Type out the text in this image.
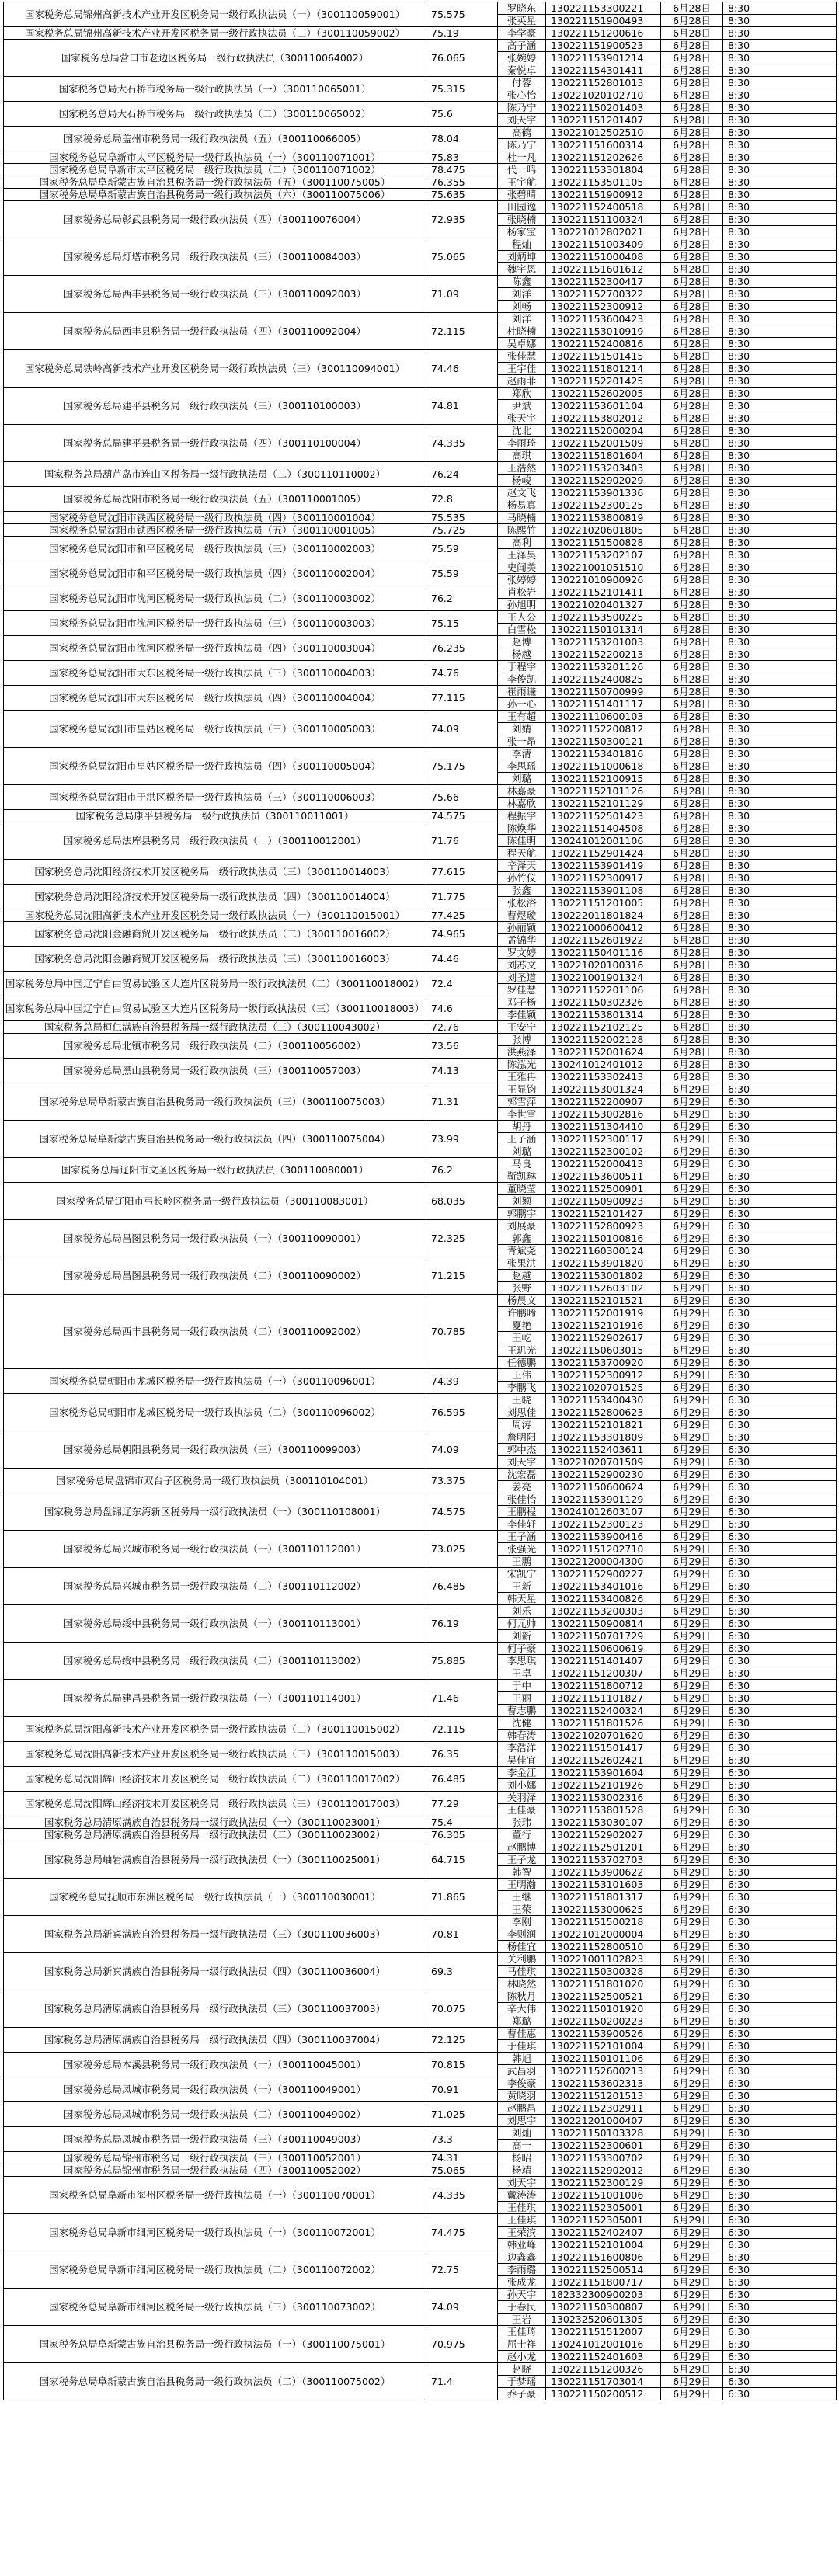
国家税务总局锦州高新技术产业开发区税务局一级行政执法员（一）（300110059001）	75.575	罗晓东	130221153300221	6月28日	8:30
		张英星	130221151900493	6月28日	8:30
国家税务总局锦州高新技术产业开发区税务局一级行政执法员（二）（300110059002）	75.19	李学豪	130221151200616	6月28日	8:30
国家税务总局营口市老边区税务局一级行政执法员（300110064002）	76.065	高子涵	130221151900523	6月28日	8:30
		张婉婷	130221153901214	6月28日	8:30
		秦悦卓	130221154301411	6月28日	8:30
国家税务总局大石桥市税务局一级行政执法员（一）（300110065001）	75.315	付蓉	130221152801013	6月28日	8:30
		张心怡	130221020102710	6月28日	8:30
国家税务总局大石桥市税务局一级行政执法员（二）（300110065002）	75.6	陈乃宁	130221150201403	6月28日	8:30
		刘天宇	130221151201407	6月28日	8:30
国家税务总局盖州市税务局一级行政执法员（五）（300110066005）	78.04	高鹤	130221012502510	6月28日	8:30
		陈乃宁	130221151600314	6月28日	8:30
国家税务总局阜新市太平区税务局一级行政执法员（一）（300110071001）	75.83	杜一凡	130221151202626	6月28日	8:30
国家税务总局阜新市太平区税务局一级行政执法员（二）（300110071002）	78.475	代一鸣	130221153301804	6月28日	8:30
国家税务总局阜新蒙古族自治县税务局一级行政执法员（五）（300110075005）	76.355	王宇航	130221153501105	6月28日	8:30
国家税务总局阜新蒙古族自治县税务局一级行政执法员（六）（300110075006）	75.635	张碧晴	130221151900912	6月28日	8:30
国家税务总局彰武县税务局一级行政执法员（四）（300110076004）	72.935	田园逸	130221152400518	6月28日	8:30
		张晓楠	130221151100324	6月28日	8:30
		杨家宝	130221012802021	6月28日	8:30
国家税务总局灯塔市税务局一级行政执法员（三）（300110084003）	75.065	程灿	130221151003409	6月28日	8:30
		刘炳坤	130221151000408	6月28日	8:30
		魏宇恩	130221151601612	6月28日	8:30
国家税务总局西丰县税务局一级行政执法员（三）（300110092003）	71.09	陈鑫	130221152300417	6月28日	8:30
		刘洋	130221152700322	6月28日	8:30
		刘畅	130221152300912	6月28日	8:30
国家税务总局西丰县税务局一级行政执法员（四）（300110092004）	72.115	刘洋	130221153600423	6月28日	8:30
		杜晓楠	130221153010919	6月28日	8:30
		吴卓娜	130221152400816	6月28日	8:30
国家税务总局铁岭高新技术产业开发区税务局一级行政执法员（三）（300110094001）	74.46	张佳慧	130221151501415	6月28日	8:30
		王宇佳	130221151801214	6月28日	8:30
		赵雨菲	130221152201425	6月28日	8:30
国家税务总局建平县税务局一级行政执法员（三）（300110100003）	74.81	郑欣	130221152602005	6月28日	8:30
		尹斌	130221153601104	6月28日	8:30
		张天宇	130221153802012	6月28日	8:30
国家税务总局建平县税务局一级行政执法员（四）（300110100004）	74.335	沈北	130221152000204	6月28日	8:30
		李雨琦	130221152001509	6月28日	8:30
		高琪	130221151801604	6月28日	8:30
国家税务总局葫芦岛市连山区税务局一级行政执法员（二）（300110110002）	76.24	王浩然	130221153203403	6月28日	8:30
		杨峻	130221152902029	6月28日	8:30
国家税务总局沈阳市税务局一级行政执法员（五）（300110001005）	72.8	赵文飞	130221153901336	6月28日	8:30
		杨易真	130221152300125	6月28日	8:30
国家税务总局沈阳市铁西区税务局一级行政执法员（四）（300110001004）	75.535	马晓楠	130221153800819	6月28日	8:30
国家税务总局沈阳市铁西区税务局一级行政执法员（五）（300110001005）	75.725	陈熙竹	130221020601805	6月28日	8:30
国家税务总局沈阳市和平区税务局一级行政执法员（三）（300110002003）	75.59	高利	130221151500828	6月28日	8:30
		王泽昊	130221153202107	6月28日	8:30
国家税务总局沈阳市和平区税务局一级行政执法员（四）（300110002004）	75.59	史闻美	130221001051510	6月28日	8:30
		张婷婷	130221010900926	6月28日	8:30
国家税务总局沈阳市沈河区税务局一级行政执法员（二）（300110003002）	76.2	肖松岩	130221152101411	6月28日	8:30
		孙旭明	130221020401327	6月28日	8:30
国家税务总局沈阳市沈河区税务局一级行政执法员（三）（300110003003）	75.15	王人公	130221153500225	6月28日	8:30
		白雪松	130221150101314	6月28日	8:30
国家税务总局沈阳市沈河区税务局一级行政执法员（四）（300110003004）	76.235	赵博	130221153201003	6月28日	8:30
		杨越	130221152200213	6月28日	8:30
国家税务总局沈阳市大东区税务局一级行政执法员（三）（300110004003）	74.76	于程宇	130221153201126	6月28日	8:30
		李俊凯	130221152400825	6月28日	8:30
国家税务总局沈阳市大东区税务局一级行政执法员（四）（300110004004）	77.115	崔雨谦	130221150700999	6月28日	8:30
		孙一心	130221151401117	6月28日	8:30
国家税务总局沈阳市皇姑区税务局一级行政执法员（三）（300110005003）	74.09	王有超	130221110600103	6月28日	8:30
		刘婧	130221152200812	6月28日	8:30
		张一昂	130221150300121	6月28日	8:30
国家税务总局沈阳市皇姑区税务局一级行政执法员（四）（300110005004）	75.175	李清	130221153401816	6月28日	8:30
		李思瑶	130221151000618	6月28日	8:30
		刘璐	130221152100915	6月28日	8:30
国家税务总局沈阳市于洪区税务局一级行政执法员（三）（300110006003）	75.66	林嘉豪	130221152101126	6月28日	8:30
		林嘉欣	130221152101129	6月28日	8:30
国家税务总局康平县税务局一级行政执法员（300110011001）	74.575	程振宇	130221152501423	6月28日	8:30
国家税务总局法库县税务局一级行政执法员（一）（300110012001）	71.76	陈焕华	130221151404508	6月28日	8:30
		陈佳明	130241012001106	6月28日	8:30
		程天航	130221152901424	6月28日	8:30
国家税务总局沈阳经济技术开发区税务局一级行政执法员（三）（300110014003）	77.615	辛泽天	130221153901419	6月28日	8:30
		孙竹仪	130221152300917	6月28日	8:30
国家税务总局沈阳经济技术开发区税务局一级行政执法员（四）（300110014004）	71.775	张鑫	130221153901108	6月28日	8:30
		张松浴	130221151201005	6月28日	8:30
国家税务总局沈阳高新技术产业开发区税务局一级行政执法员（一）（300110015001）	77.425	曹煜璇	130222011801824	6月28日	8:30
国家税务总局沈阳金融商贸开发区税务局一级行政执法员（二）（300110016002）	74.965	孙丽颖	130221000600412	6月28日	8:30
		孟锦华	130221152601922	6月28日	8:30
国家税务总局沈阳金融商贸开发区税务局一级行政执法员（三）（300110016003）	74.46	罗文婷	130221150401116	6月28日	8:30
		刘苏文	130221020100316	6月28日	8:30
国家税务总局中国辽宁自由贸易试验区大连片区税务局一级行政执法员（二）（300110018002）	72.4	刘圣道	130221001901324	6月28日	8:30
		罗佳慧	130221152201106	6月28日	8:30
国家税务总局中国辽宁自由贸易试验区大连片区税务局一级行政执法员（三）（300110018003）	74.6	邓子杨	130221150302326	6月28日	8:30
		李佳颖	130221153801314	6月28日	8:30
国家税务总局桓仁满族自治县税务局一级行政执法员（三）（300110043002）	72.76	王安宁	130221152102125	6月28日	8:30
国家税务总局北镇市税务局一级行政执法员（二）（300110056002）	73.56	张博	130221152002128	6月28日	8:30
		洪燕泽	130221152001624	6月28日	8:30
国家税务总局黑山县税务局一级行政执法员（三）（300110057003）	74.13	陈泓光	130241012401012	6月28日	8:30
		王雅冉	130221153302413	6月28日	8:30
国家税务总局阜新蒙古族自治县税务局一级行政执法员（三）（300110075003）	71.31	王显钧	130221153001324	6月29日	6:30
		郭雪萍	130221152200907	6月29日	6:30
		李世雪	130221153002816	6月29日	6:30
国家税务总局阜新蒙古族自治县税务局一级行政执法员（四）（300110075004）	73.99	胡丹	130221151304410	6月29日	6:30
		王子涵	130221152300117	6月29日	6:30
		刘璐	130221152300102	6月29日	6:30
国家税务总局辽阳市文圣区税务局一级行政执法员（300110080001）	76.2	马良	130221152000413	6月29日	6:30
		靳凯琳	130221153600511	6月29日	6:30
国家税务总局辽阳市弓长岭区税务局一级行政执法员（300110083001）	68.035	董晓莹	130221152500901	6月29日	6:30
		刘颖	130221150900923	6月29日	6:30
		郭鹏宇	130221152101427	6月29日	6:30
国家税务总局昌图县税务局一级行政执法员（一）（300110090001）	72.325	刘展豪	130221152800923	6月29日	6:30
		郭鑫	130221150100816	6月29日	6:30
		青斌尧	130221160300124	6月29日	6:30
国家税务总局昌图县税务局一级行政执法员（二）（300110090002）	71.215	张果洪	130221153901820	6月29日	6:30
		赵越	130221153001802	6月29日	6:30
		张野	130221152603102	6月29日	6:30
国家税务总局西丰县税务局一级行政执法员（二）（300110092002）	70.785	杨晨文	130221152101521	6月29日	6:30
		许鹏晞	130221152001919	6月29日	6:30
		夏艳	130221152101916	6月29日	6:30
		王屹	130221152902617	6月29日	6:30
		王玑光	130221150603015	6月29日	6:30
		任德鹏	130221153700920	6月29日	6:30
国家税务总局朝阳市龙城区税务局一级行政执法员（一）（300110096001）	74.39	王伟	130221152300912	6月29日	6:30
		李鹏飞	130221020701525	6月29日	6:30
国家税务总局朝阳市龙城区税务局一级行政执法员（二）（300110096002）	76.595	王晓	130221153400430	6月29日	6:30
		刘思佳	130221152800623	6月29日	6:30
		周涛	130221152101821	6月29日	6:30
国家税务总局朝阳县税务局一级行政执法员（三）（300110099003）	74.09	詹明阳	130221153301809	6月29日	6:30
		郭中杰	130221152403611	6月29日	6:30
		刘天宇	130221020701509	6月29日	6:30
国家税务总局盘锦市双台子区税务局一级行政执法员（300110104001）	73.375	沈宏磊	130221152900230	6月29日	6:30
		姜亮	130221150600624	6月29日	6:30
国家税务总局盘锦辽东湾新区税务局一级行政执法员（一）（300110108001）	74.575	张佳怡	130221153901129	6月29日	6:30
		王鹏程	130241012603107	6月29日	6:30
		李佳轩	130221152300123	6月29日	6:30
国家税务总局兴城市税务局一级行政执法员（一）（300110112001）	73.025	王子涵	130221153900416	6月29日	6:30
		张强光	130221151202710	6月29日	6:30
		王鹏	130221200004300	6月29日	6:30
国家税务总局兴城市税务局一级行政执法员（二）（300110112002）	76.485	宋凯宁	130221152900227	6月29日	6:30
		王新	130221153401016	6月29日	6:30
		韩天星	130221153400826	6月29日	6:30
国家税务总局绥中县税务局一级行政执法员（一）（300110113001）	76.19	刘乐	130221153200303	6月29日	6:30
		何元帅	130221150900814	6月29日	6:30
		刘新	130221150701729	6月29日	6:30
国家税务总局绥中县税务局一级行政执法员（二）（300110113002）	75.885	何子豪	130221150600619	6月29日	6:30
		李思琪	130221151401407	6月29日	6:30
		王卓	130221151200307	6月29日	6:30
国家税务总局建昌县税务局一级行政执法员（一）（300110114001）	71.46	于中	130221151800712	6月29日	6:30
		王丽	130221151101827	6月29日	6:30
		曹志鹏	130221152400324	6月29日	6:30
国家税务总局沈阳高新技术产业开发区税务局一级行政执法员（二）（300110015002）	72.115	沈健	130221151801526	6月29日	6:30
		韩春涛	130221020701620	6月29日	6:30
国家税务总局沈阳高新技术产业开发区税务局一级行政执法员（三）（300110015003）	76.35	李浩洋	130221151501417	6月29日	6:30
		吴佳宜	130221152602421	6月29日	6:30
国家税务总局沈阳辉山经济技术开发区税务局一级行政执法员（二）（300110017002）	76.485	李金江	130221153901604	6月29日	6:30
		刘小娜	130221152101926	6月29日	6:30
国家税务总局沈阳辉山经济技术开发区税务局一级行政执法员（三）（300110017003）	77.29	关羽泽	130221153002316	6月29日	6:30
		王佳豪	130221153801528	6月29日	6:30
国家税务总局清原满族自治县税务局一级行政执法员（一）（300110023001）	75.4	张玮	130221153030107	6月29日	6:30
国家税务总局清原满族自治县税务局一级行政执法员（二）（300110023002）	76.305	董行	130221152902027	6月29日	6:30
国家税务总局岫岩满族自治县税务局一级行政执法员（一）（300110025001）	64.715	赵鹏博	130221152501201	6月29日	6:30
		王子龙	130221153702703	6月29日	6:30
		韩智	130221153900622	6月29日	6:30
国家税务总局抚顺市东洲区税务局一级行政执法员（一）（300110030001）	71.865	王明瀚	130221153101603	6月29日	6:30
		王继	130221151801317	6月29日	6:30
		王荣	130221153000625	6月29日	6:30
国家税务总局新宾满族自治县税务局一级行政执法员（三）（300110036003）	70.81	李刚	130221151500218	6月29日	6:30
		李则润	130221012000004	6月29日	6:30
		杨佳宜	130221152800510	6月29日	6:30
国家税务总局新宾满族自治县税务局一级行政执法员（四）（300110036004）	69.3	关利鹏	130221001102823	6月29日	6:30
		马佳琪	130221150300328	6月29日	6:30
		林晓然	130221151801020	6月29日	6:30
国家税务总局清原满族自治县税务局一级行政执法员（三）（300110037003）	70.075	陈秋月	130221152500521	6月29日	6:30
		辛大伟	130221150101920	6月29日	6:30
		郑璐	130221150200223	6月29日	6:30
国家税务总局清原满族自治县税务局一级行政执法员（四）（300110037004）	72.125	曹佳惠	130221153900526	6月29日	6:30
		于佳琪	130221152101004	6月29日	6:30
国家税务总局本溪县税务局一级行政执法员（一）（300110045001）	70.815	韩旭	130221150101106	6月29日	6:30
		武昌羽	130221152600213	6月29日	6:30
国家税务总局凤城市税务局一级行政执法员（一）（300110049001）	70.91	李俊豪	130221153602313	6月29日	6:30
		黄晓羽	130221151201513	6月29日	6:30
国家税务总局凤城市税务局一级行政执法员（二）（300110049002）	71.025	赵鹏昌	130221152302911	6月29日	6:30
		刘思宇	130221201000407	6月29日	6:30
国家税务总局凤城市税务局一级行政执法员（三）（300110049003）	73.3	刘灿	130221150103328	6月29日	6:30
		高一	130221152300601	6月29日	6:30
国家税务总局锦州市税务局一级行政执法员（三）（300110052001）	74.31	杨昭	130221153300702	6月29日	6:30
国家税务总局锦州市税务局一级行政执法员（四）（300110052002）	75.065	杨靖	130221152902012	6月29日	6:30
国家税务总局阜新市海州区税务局一级行政执法员（一）（300110070001）	74.335	刘天宇	130221152300129	6月29日	6:30
		戴涛涛	130221151001006	6月29日	6:30
		王佳琪	130221152305001	6月29日	6:30
国家税务总局阜新市细河区税务局一级行政执法员（一）（300110072001）	74.475	王佳琪	130221152305001	6月29日	6:30
		王荣滨	130221152402407	6月29日	6:30
		韩业峰	130221152101004	6月29日	6:30
国家税务总局阜新市细河区税务局一级行政执法员（二）（300110072002）	72.75	边鑫鑫	130221151600806	6月29日	6:30
		李雨璐	130221152500514	6月29日	6:30
		张成龙	130221151800717	6月29日	6:30
国家税务总局阜新市细河区税务局一级行政执法员（三）（300110073002）	74.09	孙天宇	182332300900203	6月29日	6:30
		于春民	130221150300807	6月29日	6:30
		王岩	130232520601305	6月29日	6:30
国家税务总局阜新蒙古族自治县税务局一级行政执法员（一）（300110075001）	70.975	王佳琦	130221151512007	6月29日	6:30
		屈士祥	130241012001016	6月29日	6:30
		赵小龙	130221152401603	6月29日	6:30
国家税务总局阜新蒙古族自治县税务局一级行政执法员（二）（300110075002）	71.4	赵晓	130221151200326	6月29日	6:30
		于梦瑶	130221151703014	6月29日	6:30
		乔子豪	130221150200512	6月29日	6:30
